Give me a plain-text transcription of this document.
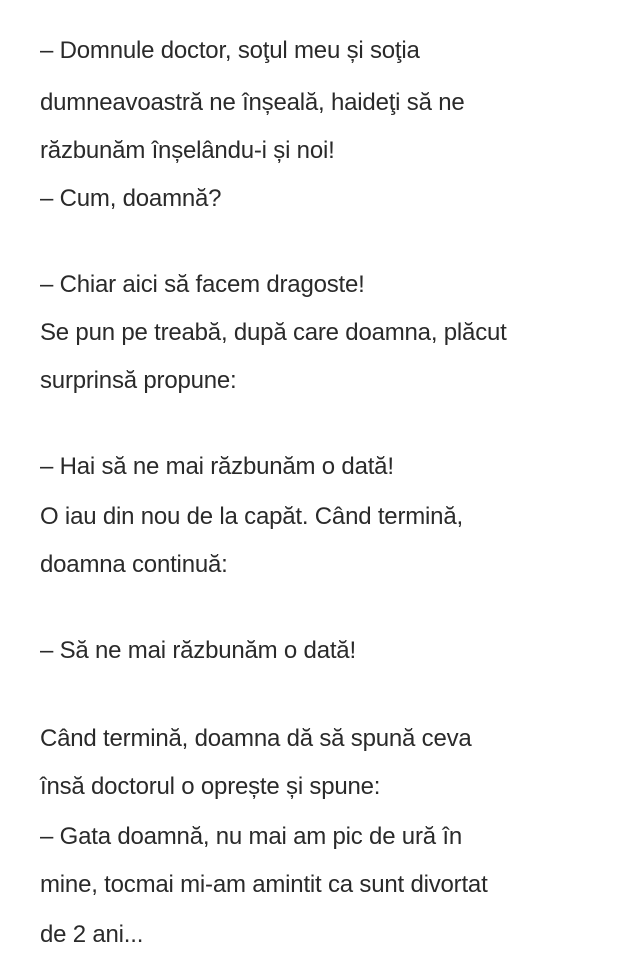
– Domnule doctor, soţul meu și soţia
dumneavoastră ne înșeală, haideţi să ne
răzbunăm înșelându-i și noi!
– Cum, doamnă?
– Chiar aici să facem dragoste!
Se pun pe treabă, după care doamna, plăcut
surprinsă propune:
– Hai să ne mai răzbunăm o dată!
O iau din nou de la capăt. Când termină,
doamna continuă:
– Să ne mai răzbunăm o dată!
Când termină, doamna dă să spună ceva
însă doctorul o oprește și spune:
– Gata doamnă, nu mai am pic de ură în
mine, tocmai mi-am amintit ca sunt divortat
de 2 ani...
